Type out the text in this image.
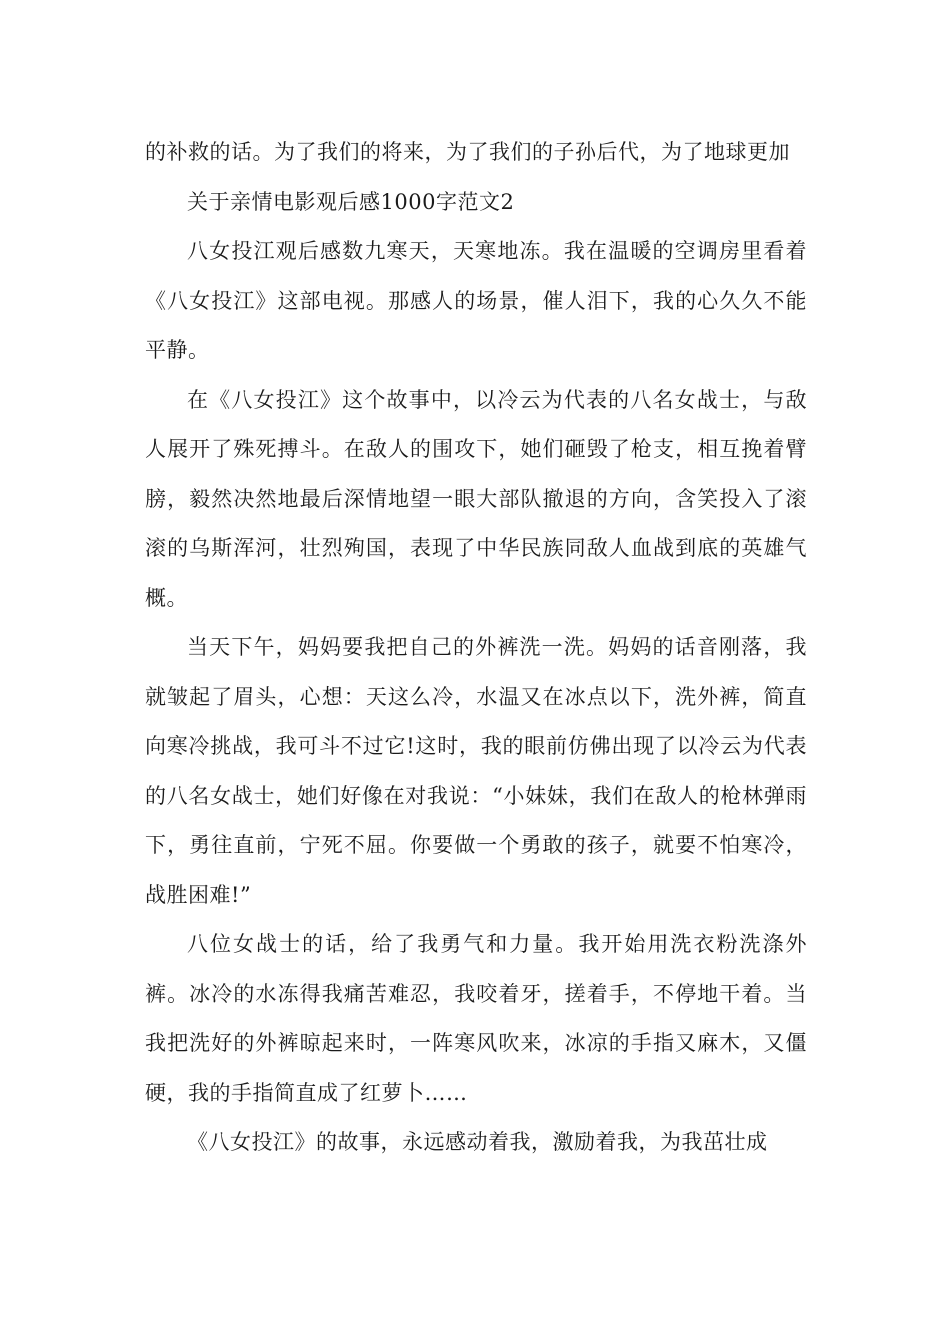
的补救的话。为了我们的将来，为了我们的子孙后代，为了地球更加

关于亲情电影观后感1000字范文2

八女投江观后感数九寒天，天寒地冻。我在温暖的空调房里看着《八女投江》这部电视。那感人的场景，催人泪下，我的心久久不能平静。

在《八女投江》这个故事中，以冷云为代表的八名女战士，与敌人展开了殊死搏斗。在敌人的围攻下，她们砸毁了枪支，相互挽着臂膀，毅然决然地最后深情地望一眼大部队撤退的方向，含笑投入了滚滚的乌斯浑河，壮烈殉国，表现了中华民族同敌人血战到底的英雄气概。

当天下午，妈妈要我把自己的外裤洗一洗。妈妈的话音刚落，我就皱起了眉头，心想：天这么冷，水温又在冰点以下，洗外裤，简直向寒冷挑战，我可斗不过它!这时，我的眼前仿佛出现了以冷云为代表的八名女战士，她们好像在对我说：“小妹妹，我们在敌人的枪林弹雨下，勇往直前，宁死不屈。你要做一个勇敢的孩子，就要不怕寒冷，战胜困难!”

八位女战士的话，给了我勇气和力量。我开始用洗衣粉洗涤外裤。冰冷的水冻得我痛苦难忍，我咬着牙，搓着手，不停地干着。当我把洗好的外裤晾起来时，一阵寒风吹来，冰凉的手指又麻木，又僵硬，我的手指简直成了红萝卜……

《八女投江》的故事，永远感动着我，激励着我，为我茁壮成
